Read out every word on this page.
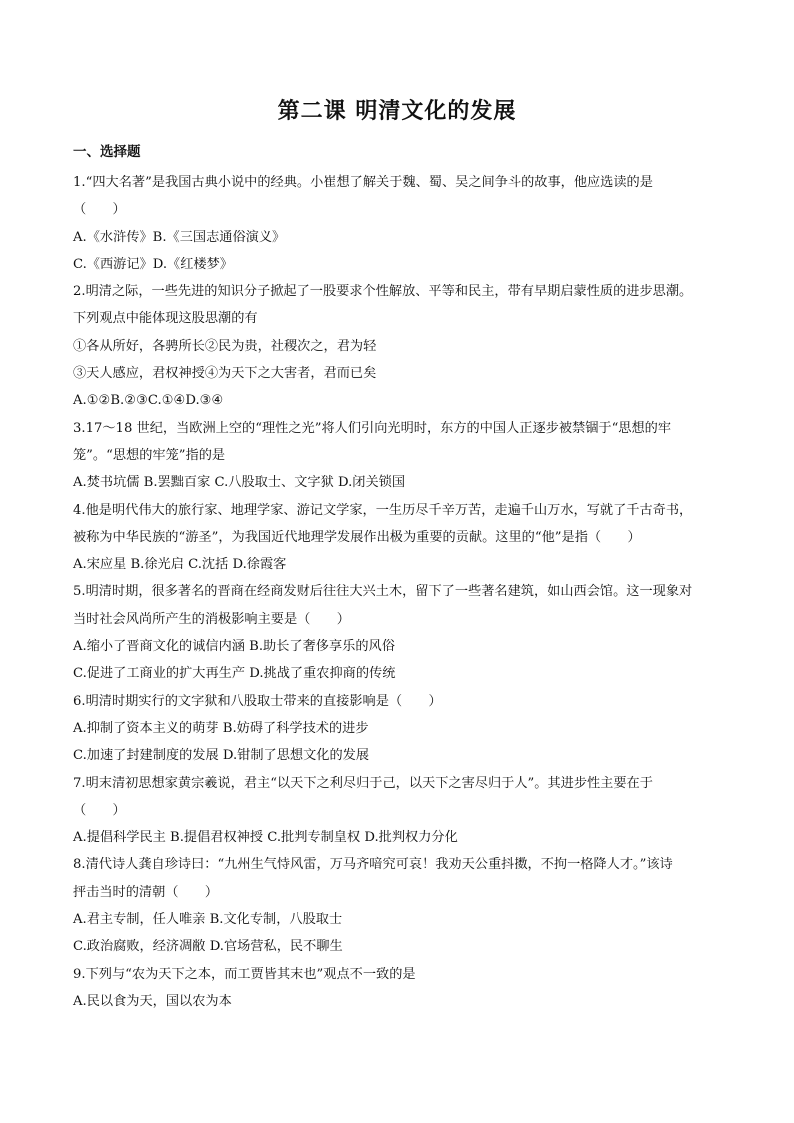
第二课 明清文化的发展
一、选择题
1.“四大名著”是我国古典小说中的经典。小崔想了解关于魏、蜀、吴之间争斗的故事，他应选读的是
（　　）
A.《水浒传》B.《三国志通俗演义》
C.《西游记》D.《红楼梦》
2.明清之际，一些先进的知识分子掀起了一股要求个性解放、平等和民主，带有早期启蒙性质的进步思潮。
下列观点中能体现这股思潮的有
①各从所好，各骋所长②民为贵，社稷次之，君为轻
③天人感应，君权神授④为天下之大害者，君而已矣
A.①②B.②③C.①④D.③④
3.17～18 世纪，当欧洲上空的“理性之光”将人们引向光明时，东方的中国人正逐步被禁锢于“思想的牢
笼”。“思想的牢笼”指的是
A.焚书坑儒 B.罢黜百家 C.八股取士、文字狱 D.闭关锁国
4.他是明代伟大的旅行家、地理学家、游记文学家，一生历尽千辛万苦，走遍千山万水，写就了千古奇书，
被称为中华民族的“游圣”，为我国近代地理学发展作出极为重要的贡献。这里的“他”是指（　　）
A.宋应星 B.徐光启 C.沈括 D.徐霞客
5.明清时期，很多著名的晋商在经商发财后往往大兴土木，留下了一些著名建筑，如山西会馆。这一现象对
当时社会风尚所产生的消极影响主要是（　　）
A.缩小了晋商文化的诚信内涵 B.助长了奢侈享乐的风俗
C.促进了工商业的扩大再生产 D.挑战了重农抑商的传统
6.明清时期实行的文字狱和八股取士带来的直接影响是（　　）
A.抑制了资本主义的萌芽 B.妨碍了科学技术的进步
C.加速了封建制度的发展 D.钳制了思想文化的发展
7.明末清初思想家黄宗羲说，君主“以天下之利尽归于己，以天下之害尽归于人”。其进步性主要在于
（　　）
A.提倡科学民主 B.提倡君权神授 C.批判专制皇权 D.批判权力分化
8.清代诗人龚自珍诗曰：“九州生气恃风雷，万马齐喑究可哀！我劝天公重抖擞，不拘一格降人才。”该诗
抨击当时的清朝（　　）
A.君主专制，任人唯亲 B.文化专制，八股取士
C.政治腐败，经济凋敝 D.官场营私，民不聊生
9.下列与“农为天下之本，而工贾皆其末也”观点不一致的是
A.民以食为天，国以农为本
